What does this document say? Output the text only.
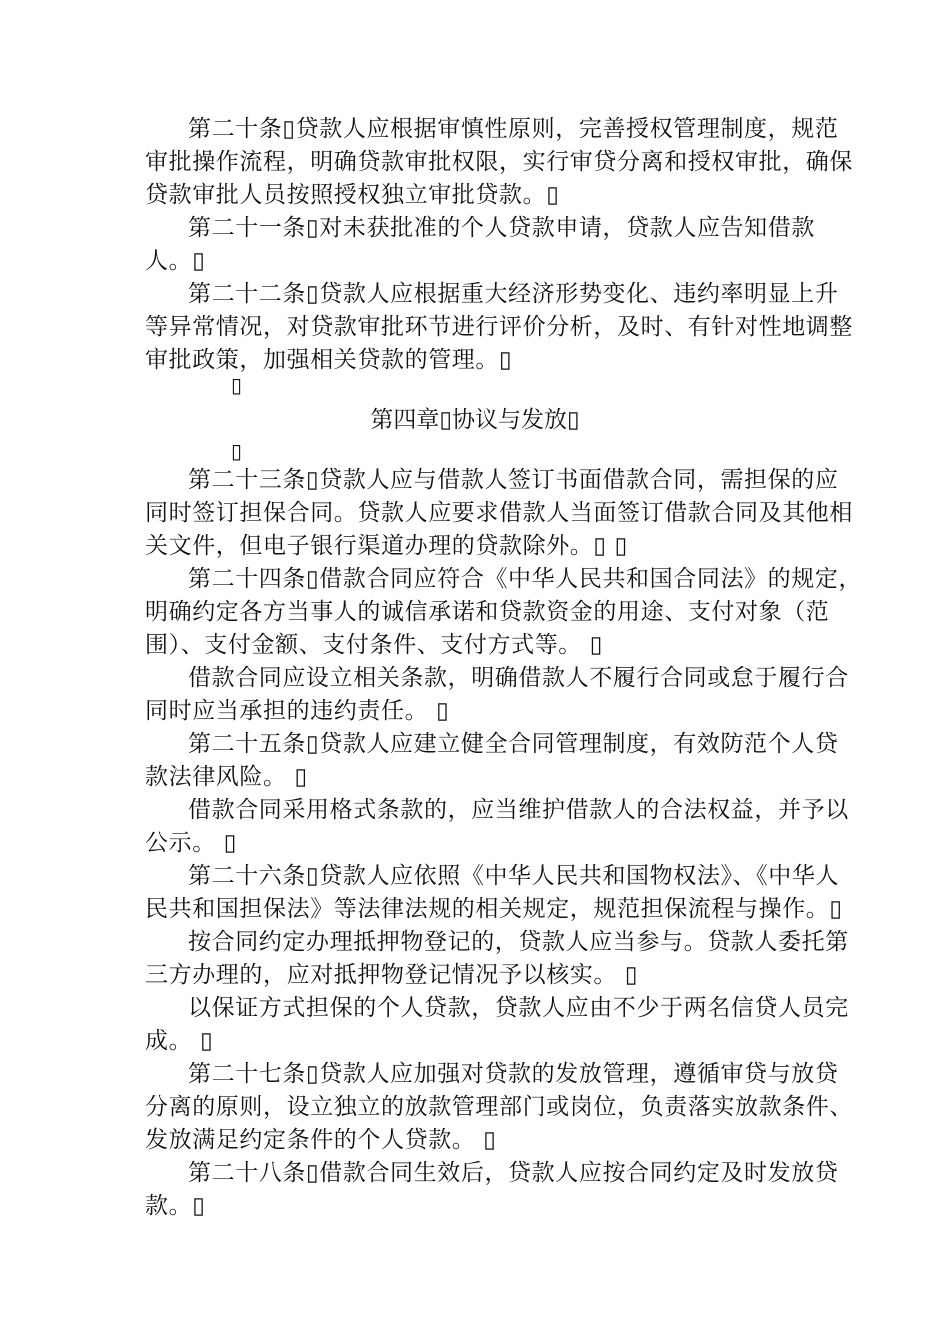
第二十条▯贷款人应根据审慎性原则，完善授权管理制度，规范
审批操作流程，明确贷款审批权限，实行审贷分离和授权审批，确保
贷款审批人员按照授权独立审批贷款。▯
第二十一条▯对未获批准的个人贷款申请，贷款人应告知借款
人。▯
第二十二条▯贷款人应根据重大经济形势变化、违约率明显上升
等异常情况，对贷款审批环节进行评价分析，及时、有针对性地调整
审批政策，加强相关贷款的管理。▯
▯
第四章▯协议与发放▯
▯
第二十三条▯贷款人应与借款人签订书面借款合同，需担保的应
同时签订担保合同。贷款人应要求借款人当面签订借款合同及其他相
关文件，但电子银行渠道办理的贷款除外。▯ ▯
第二十四条▯借款合同应符合《中华人民共和国合同法》的规定，
明确约定各方当事人的诚信承诺和贷款资金的用途、支付对象（范
围）、支付金额、支付条件、支付方式等。 ▯
借款合同应设立相关条款，明确借款人不履行合同或怠于履行合
同时应当承担的违约责任。 ▯
第二十五条▯贷款人应建立健全合同管理制度，有效防范个人贷
款法律风险。 ▯
借款合同采用格式条款的，应当维护借款人的合法权益，并予以
公示。 ▯
第二十六条▯贷款人应依照《中华人民共和国物权法》、《中华人
民共和国担保法》等法律法规的相关规定，规范担保流程与操作。▯
按合同约定办理抵押物登记的，贷款人应当参与。贷款人委托第
三方办理的，应对抵押物登记情况予以核实。 ▯
以保证方式担保的个人贷款，贷款人应由不少于两名信贷人员完
成。 ▯
第二十七条▯贷款人应加强对贷款的发放管理，遵循审贷与放贷
分离的原则，设立独立的放款管理部门或岗位，负责落实放款条件、
发放满足约定条件的个人贷款。 ▯
第二十八条▯借款合同生效后，贷款人应按合同约定及时发放贷
款。▯
